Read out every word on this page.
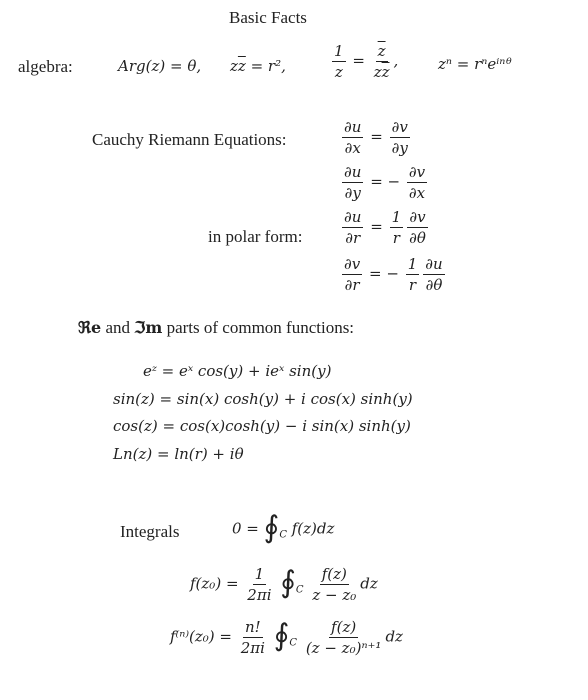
Basic Facts
algebra:	Arg(z) = θ, $z\overline{z} = r^2$,	$\frac{1}{z} = \frac{\overline{z}}{z\overline{z}}$ ,	zⁿ = rⁿeⁱⁿᶿ
Cauchy Riemann Equations:
in polar form:
$\frac{\partial u}{\partial x} = \frac{\partial v}{\partial y}$
$\frac{\partial u}{\partial y}$ = − $\frac{\partial v}{\partial x}$
$\frac{\partial u}{\partial r} = \frac{1}{r} \frac{\partial v}{\partial\theta}$
$\frac{\partial v}{\partial r}$ = − $\frac{1}{r} \frac{\partial u}{\partial\theta}$
ℜe and ℑm parts of common functions:
eᶻ = eˣ cos(y) + ieˣ sin(y)
sin(z) = sin(x) cosh(y) + i cos(x) sinh(y)
cos(z) = cos(x)cosh(y) − i sin(x) sinh(y)
Ln(z) = ln(r) + iθ
Integrals	$0 = ∮_C$ f(z)dz
$f(z_0) = \frac{1}{2\pi i}$ $∮_C \frac{f(z)}{\text{z − z₀}}$ dz
$f^{(n)}(z_0) = \frac{n!}{2\pi i}$ $∮_C \frac{f(z)}{\text{(z − z₀)ⁿ⁺¹}}$ dz
